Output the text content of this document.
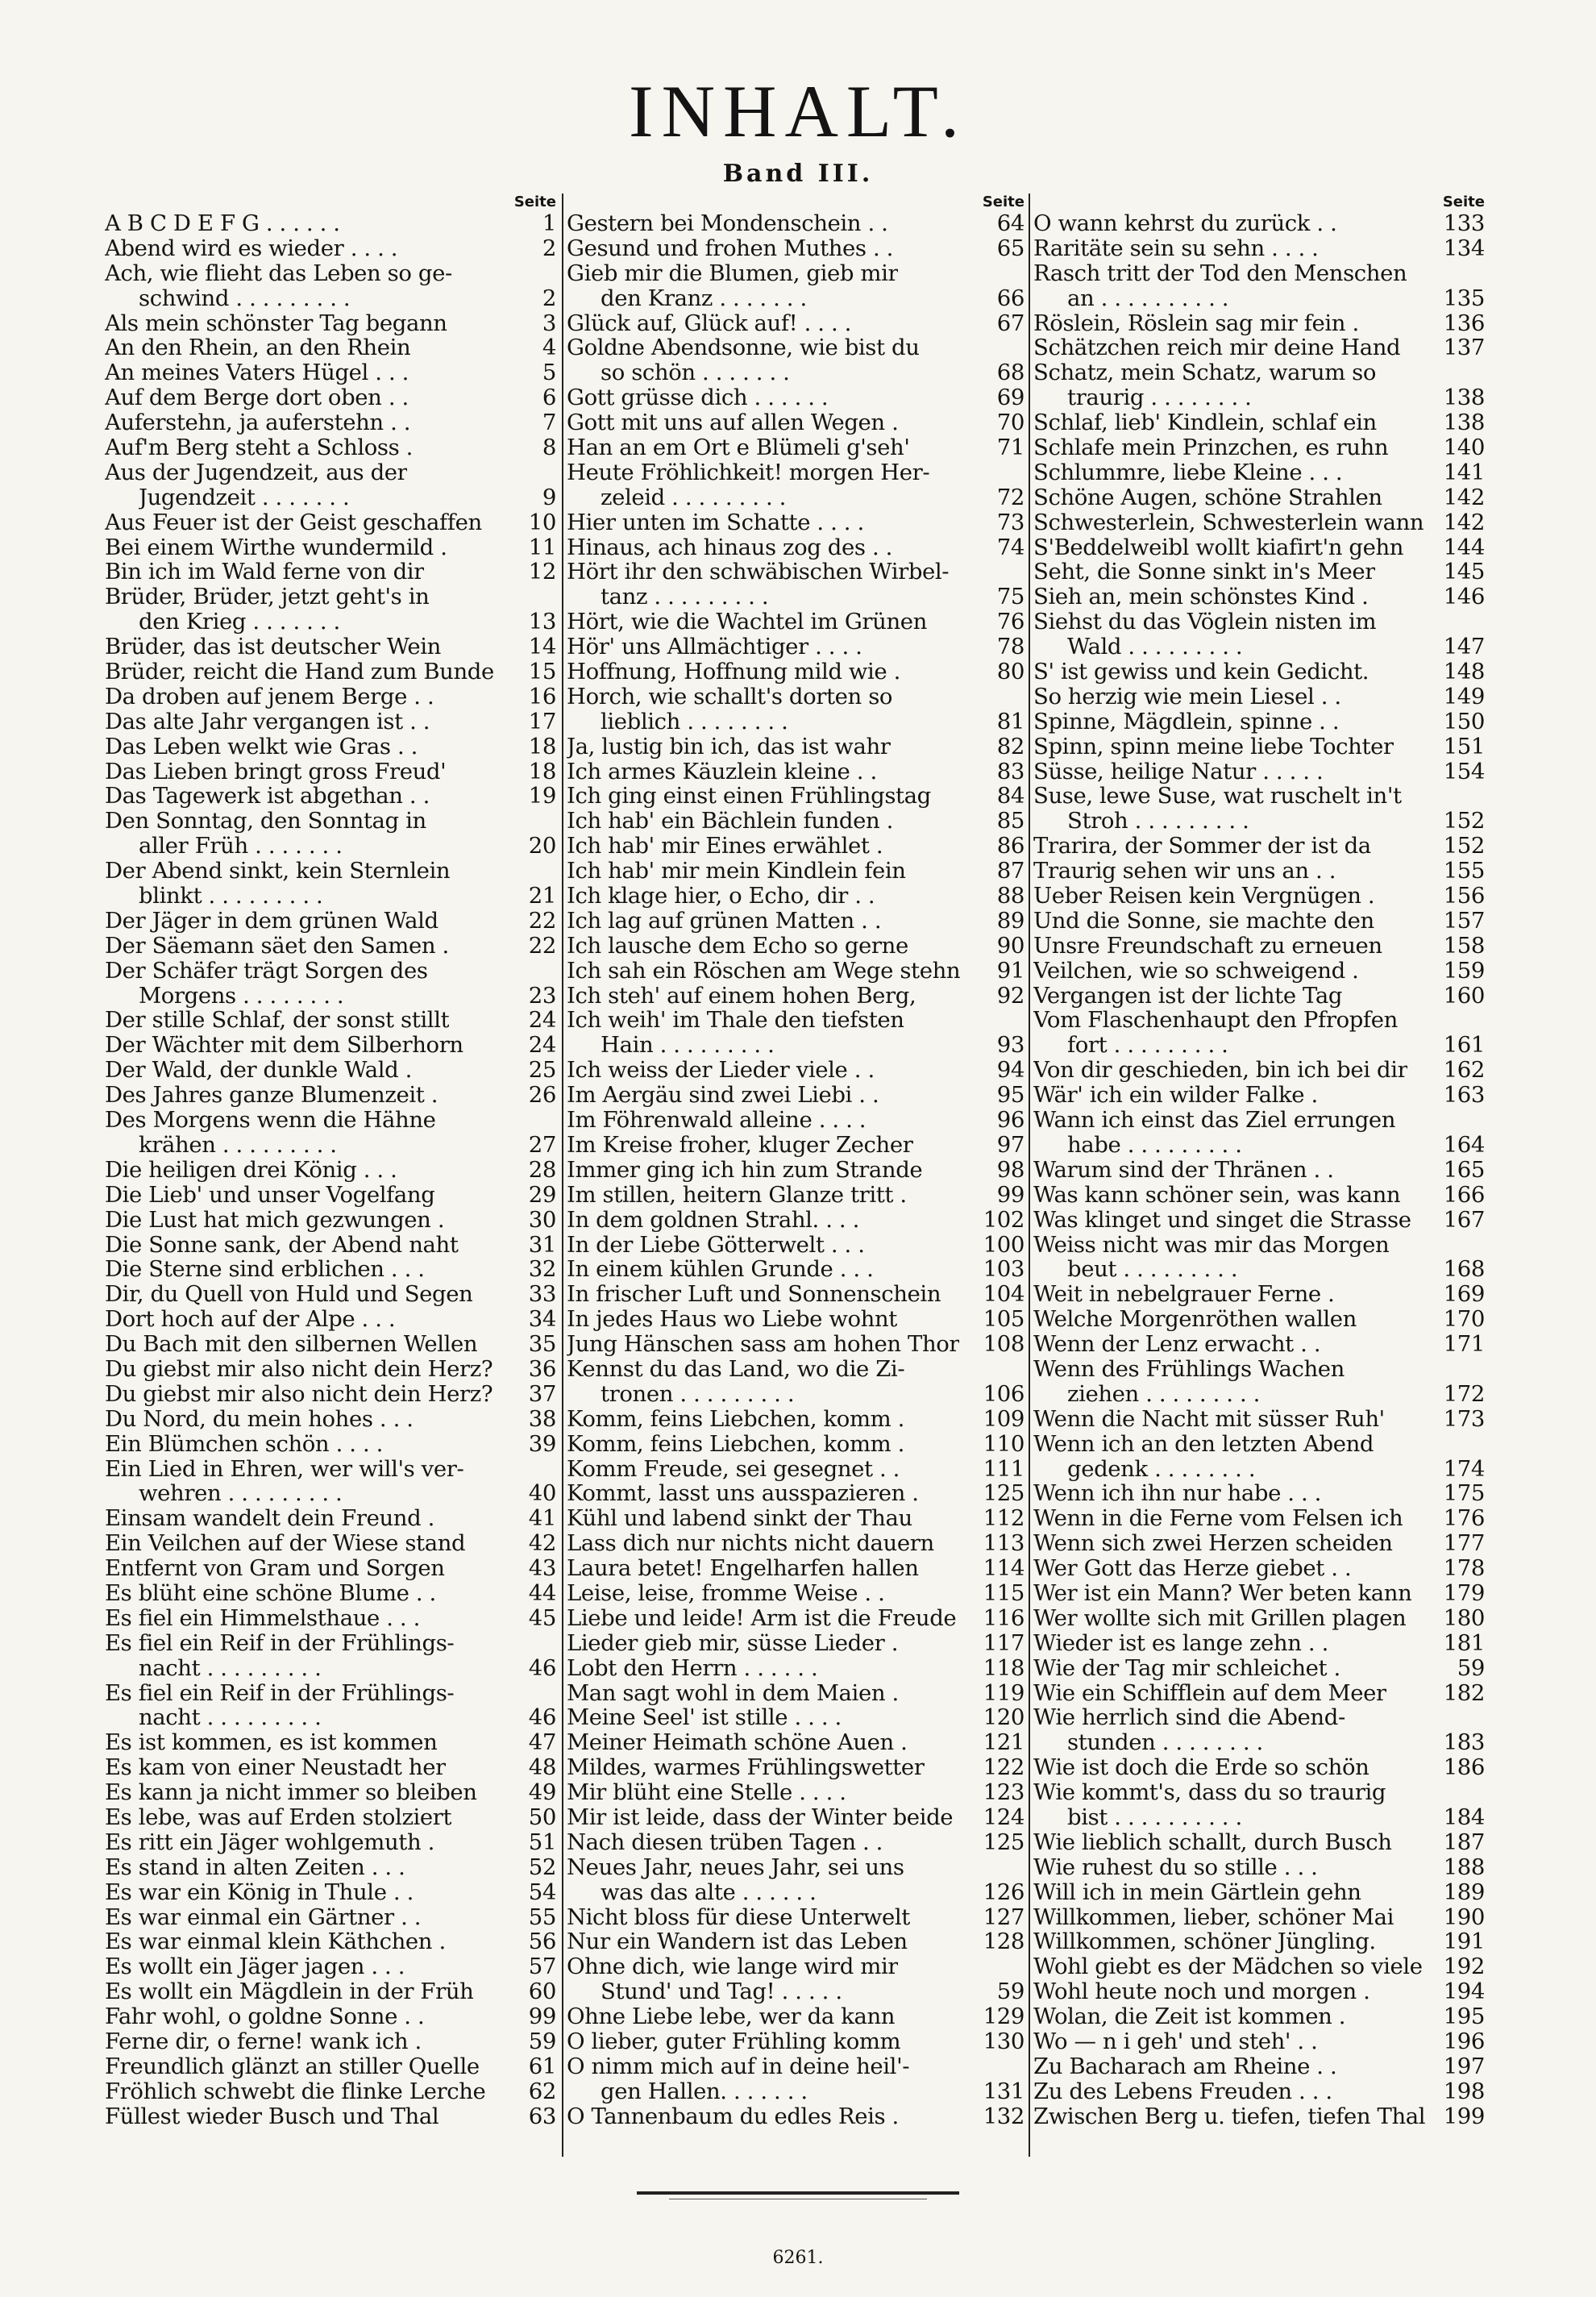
INHALT.
Band III.
Seite
A B C D E F G . . . . . .	1
Abend wird es wieder . . . .	2
Ach, wie flieht das Leben so ge-
schwind . . . . . . . . .	2
Als mein schönster Tag begann	3
An den Rhein, an den Rhein	4
An meines Vaters Hügel . . .	5
Auf dem Berge dort oben . .	6
Auferstehn, ja auferstehn . .	7
Auf'm Berg steht a Schloss .	8
Aus der Jugendzeit, aus der
Jugendzeit . . . . . . .	9
Aus Feuer ist der Geist geschaffen 10
Bei einem Wirthe wundermild .	11
Bin ich im Wald ferne von dir	12
Brüder, Brüder, jetzt geht's in
den Krieg . . . . . . .	13
Brüder, das ist deutscher Wein	14
Brüder, reicht die Hand zum Bunde 15
Da droben auf jenem Berge . .	16
Das alte Jahr vergangen ist . .	17
Das Leben welkt wie Gras . .	18
Das Lieben bringt gross Freud'	18
Das Tagewerk ist abgethan . .	19
Den Sonntag, den Sonntag in
aller Früh . . . . . . .	20
Der Abend sinkt, kein Sternlein
blinkt . . . . . . . . .	21
Der Jäger in dem grünen Wald	22
Der Säemann säet den Samen .	22
Der Schäfer trägt Sorgen des
Morgens . . . . . . . .	23
Der stille Schlaf, der sonst stillt	24
Der Wächter mit dem Silberhorn	24
Der Wald, der dunkle Wald .	25
Des Jahres ganze Blumenzeit .	26
Des Morgens wenn die Hähne
krähen . . . . . . . . .	27
Die heiligen drei König . . .	28
Die Lieb' und unser Vogelfang	29
Die Lust hat mich gezwungen .	30
Die Sonne sank, der Abend naht	31
Die Sterne sind erblichen . . .	32
Dir, du Quell von Huld und Segen	33
Dort hoch auf der Alpe . . .	34
Du Bach mit den silbernen Wellen 35
Du giebst mir also nicht dein Herz? 36
Du giebst mir also nicht dein Herz? 37
Du Nord, du mein hohes . . .	38
Ein Blümchen schön . . . .	39
Ein Lied in Ehren, wer will's ver-
wehren . . . . . . . . .	40
Einsam wandelt dein Freund .	41
Ein Veilchen auf der Wiese stand	42
Entfernt von Gram und Sorgen	43
Es blüht eine schöne Blume . .	44
Es fiel ein Himmelsthaue . . .	45
Es fiel ein Reif in der Frühlings-
nacht . . . . . . . . .	46
Es fiel ein Reif in der Frühlings-
nacht . . . . . . . . .	46
Es ist kommen, es ist kommen	47
Es kam von einer Neustadt her	48
Es kann ja nicht immer so bleiben 49
Es lebe, was auf Erden stolziert	50
Es ritt ein Jäger wohlgemuth .	51
Es stand in alten Zeiten . . .	52
Es war ein König in Thule . .	54
Es war einmal ein Gärtner . .	55
Es war einmal klein Käthchen .	56
Es wollt ein Jäger jagen . . .	57
Es wollt ein Mägdlein in der Früh 60
Fahr wohl, o goldne Sonne . .	99
Ferne dir, o ferne! wank ich .	59
Freundlich glänzt an stiller Quelle 61
Fröhlich schwebt die flinke Lerche 62
Füllest wieder Busch und Thal	63
Seite
Gestern bei Mondenschein . .	64
Gesund und frohen Muthes . .	65
Gieb mir die Blumen, gieb mir
den Kranz . . . . . . .	66
Glück auf, Glück auf! . . . .	67
Goldne Abendsonne, wie bist du
so schön . . . . . . .	68
Gott grüsse dich . . . . . .	69
Gott mit uns auf allen Wegen .	70
Han an em Ort e Blümeli g'seh'	71
Heute Fröhlichkeit! morgen Her-
zeleid . . . . . . . . .	72
Hier unten im Schatte . . . .	73
Hinaus, ach hinaus zog des . .	74
Hört ihr den schwäbischen Wirbel-
tanz . . . . . . . . .	75
Hört, wie die Wachtel im Grünen	76
Hör' uns Allmächtiger . . . .	78
Hoffnung, Hoffnung mild wie .	80
Horch, wie schallt's dorten so
lieblich . . . . . . . .	81
Ja, lustig bin ich, das ist wahr	82
Ich armes Käuzlein kleine . .	83
Ich ging einst einen Frühlingstag	84
Ich hab' ein Bächlein funden .	85
Ich hab' mir Eines erwählet .	86
Ich hab' mir mein Kindlein fein	87
Ich klage hier, o Echo, dir . .	88
Ich lag auf grünen Matten . .	89
Ich lausche dem Echo so gerne	90
Ich sah ein Röschen am Wege stehn 91
Ich steh' auf einem hohen Berg,	92
Ich weih' im Thale den tiefsten
Hain . . . . . . . . .	93
Ich weiss der Lieder viele . .	94
Im Aergäu sind zwei Liebi . .	95
Im Föhrenwald alleine . . . .	96
Im Kreise froher, kluger Zecher	97
Immer ging ich hin zum Strande	98
Im stillen, heitern Glanze tritt .	99
In dem goldnen Strahl. . . .	102
In der Liebe Götterwelt . . .	100
In einem kühlen Grunde . . .	103
In frischer Luft und Sonnenschein 104
In jedes Haus wo Liebe wohnt	105
Jung Hänschen sass am hohen Thor 108
Kennst du das Land, wo die Zi-
tronen . . . . . . . . .	106
Komm, feins Liebchen, komm .	109
Komm, feins Liebchen, komm .	110
Komm Freude, sei gesegnet . .	111
Kommt, lasst uns ausspazieren .	125
Kühl und labend sinkt der Thau	112
Lass dich nur nichts nicht dauern 113
Laura betet! Engelharfen hallen	114
Leise, leise, fromme Weise . .	115
Liebe und leide! Arm ist die Freude 116
Lieder gieb mir, süsse Lieder .	117
Lobt den Herrn . . . . . .	118
Man sagt wohl in dem Maien .	119
Meine Seel' ist stille . . . .	120
Meiner Heimath schöne Auen .	121
Mildes, warmes Frühlingswetter	122
Mir blüht eine Stelle . . . .	123
Mir ist leide, dass der Winter beide 124
Nach diesen trüben Tagen . .	125
Neues Jahr, neues Jahr, sei uns
was das alte . . . . . .	126
Nicht bloss für diese Unterwelt	127
Nur ein Wandern ist das Leben	128
Ohne dich, wie lange wird mir
Stund' und Tag! . . . . .	59
Ohne Liebe lebe, wer da kann	129
O lieber, guter Frühling komm	130
O nimm mich auf in deine heil'-
gen Hallen. . . . . . .	131
O Tannenbaum du edles Reis .	132
Seite
O wann kehrst du zurück . .	133
Raritäte sein su sehn . . . .	134
Rasch tritt der Tod den Menschen
an . . . . . . . . . .	135
Röslein, Röslein sag mir fein .	136
Schätzchen reich mir deine Hand 137
Schatz, mein Schatz, warum so
traurig . . . . . . . .	138
Schlaf, lieb' Kindlein, schlaf ein	138
Schlafe mein Prinzchen, es ruhn 140
Schlummre, liebe Kleine . . .	141
Schöne Augen, schöne Strahlen	142
Schwesterlein, Schwesterlein wann 142
S'Beddelweibl wollt kiafirt'n gehn 144
Seht, die Sonne sinkt in's Meer	145
Sieh an, mein schönstes Kind .	146
Siehst du das Vöglein nisten im
Wald . . . . . . . . .	147
S' ist gewiss und kein Gedicht.	148
So herzig wie mein Liesel . .	149
Spinne, Mägdlein, spinne . .	150
Spinn, spinn meine liebe Tochter 151
Süsse, heilige Natur . . . . .	154
Suse, lewe Suse, wat ruschelt in't
Stroh . . . . . . . . .	152
Trarira, der Sommer der ist da	152
Traurig sehen wir uns an . .	155
Ueber Reisen kein Vergnügen .	156
Und die Sonne, sie machte den	157
Unsre Freundschaft zu erneuen	158
Veilchen, wie so schweigend .	159
Vergangen ist der lichte Tag	160
Vom Flaschenhaupt den Pfropfen
fort . . . . . . . . .	161
Von dir geschieden, bin ich bei dir 162
Wär' ich ein wilder Falke .	163
Wann ich einst das Ziel errungen
habe . . . . . . . . .	164
Warum sind der Thränen . .	165
Was kann schöner sein, was kann 166
Was klinget und singet die Strasse 167
Weiss nicht was mir das Morgen
beut . . . . . . . . .	168
Weit in nebelgrauer Ferne .	169
Welche Morgenröthen wallen	170
Wenn der Lenz erwacht . .	171
Wenn des Frühlings Wachen
ziehen . . . . . . . . .	172
Wenn die Nacht mit süsser Ruh'	173
Wenn ich an den letzten Abend
gedenk . . . . . . . .	174
Wenn ich ihn nur habe . . .	175
Wenn in die Ferne vom Felsen ich 176
Wenn sich zwei Herzen scheiden 177
Wer Gott das Herze giebet . .	178
Wer ist ein Mann? Wer beten kann 179
Wer wollte sich mit Grillen plagen 180
Wieder ist es lange zehn . .	181
Wie der Tag mir schleichet .	59
Wie ein Schifflein auf dem Meer	182
Wie herrlich sind die Abend-
stunden . . . . . . . .	183
Wie ist doch die Erde so schön	186
Wie kommt's, dass du so traurig
bist . . . . . . . . . .	184
Wie lieblich schallt, durch Busch 187
Wie ruhest du so stille . . .	188
Will ich in mein Gärtlein gehn	189
Willkommen, lieber, schöner Mai 190
Willkommen, schöner Jüngling.	191
Wohl giebt es der Mädchen so viele 192
Wohl heute noch und morgen .	194
Wolan, die Zeit ist kommen .	195
Wo — n i geh' und steh' . .	196
Zu Bacharach am Rheine . .	197
Zu des Lebens Freuden . . .	198
Zwischen Berg u. tiefen, tiefen Thal 199
6261.
